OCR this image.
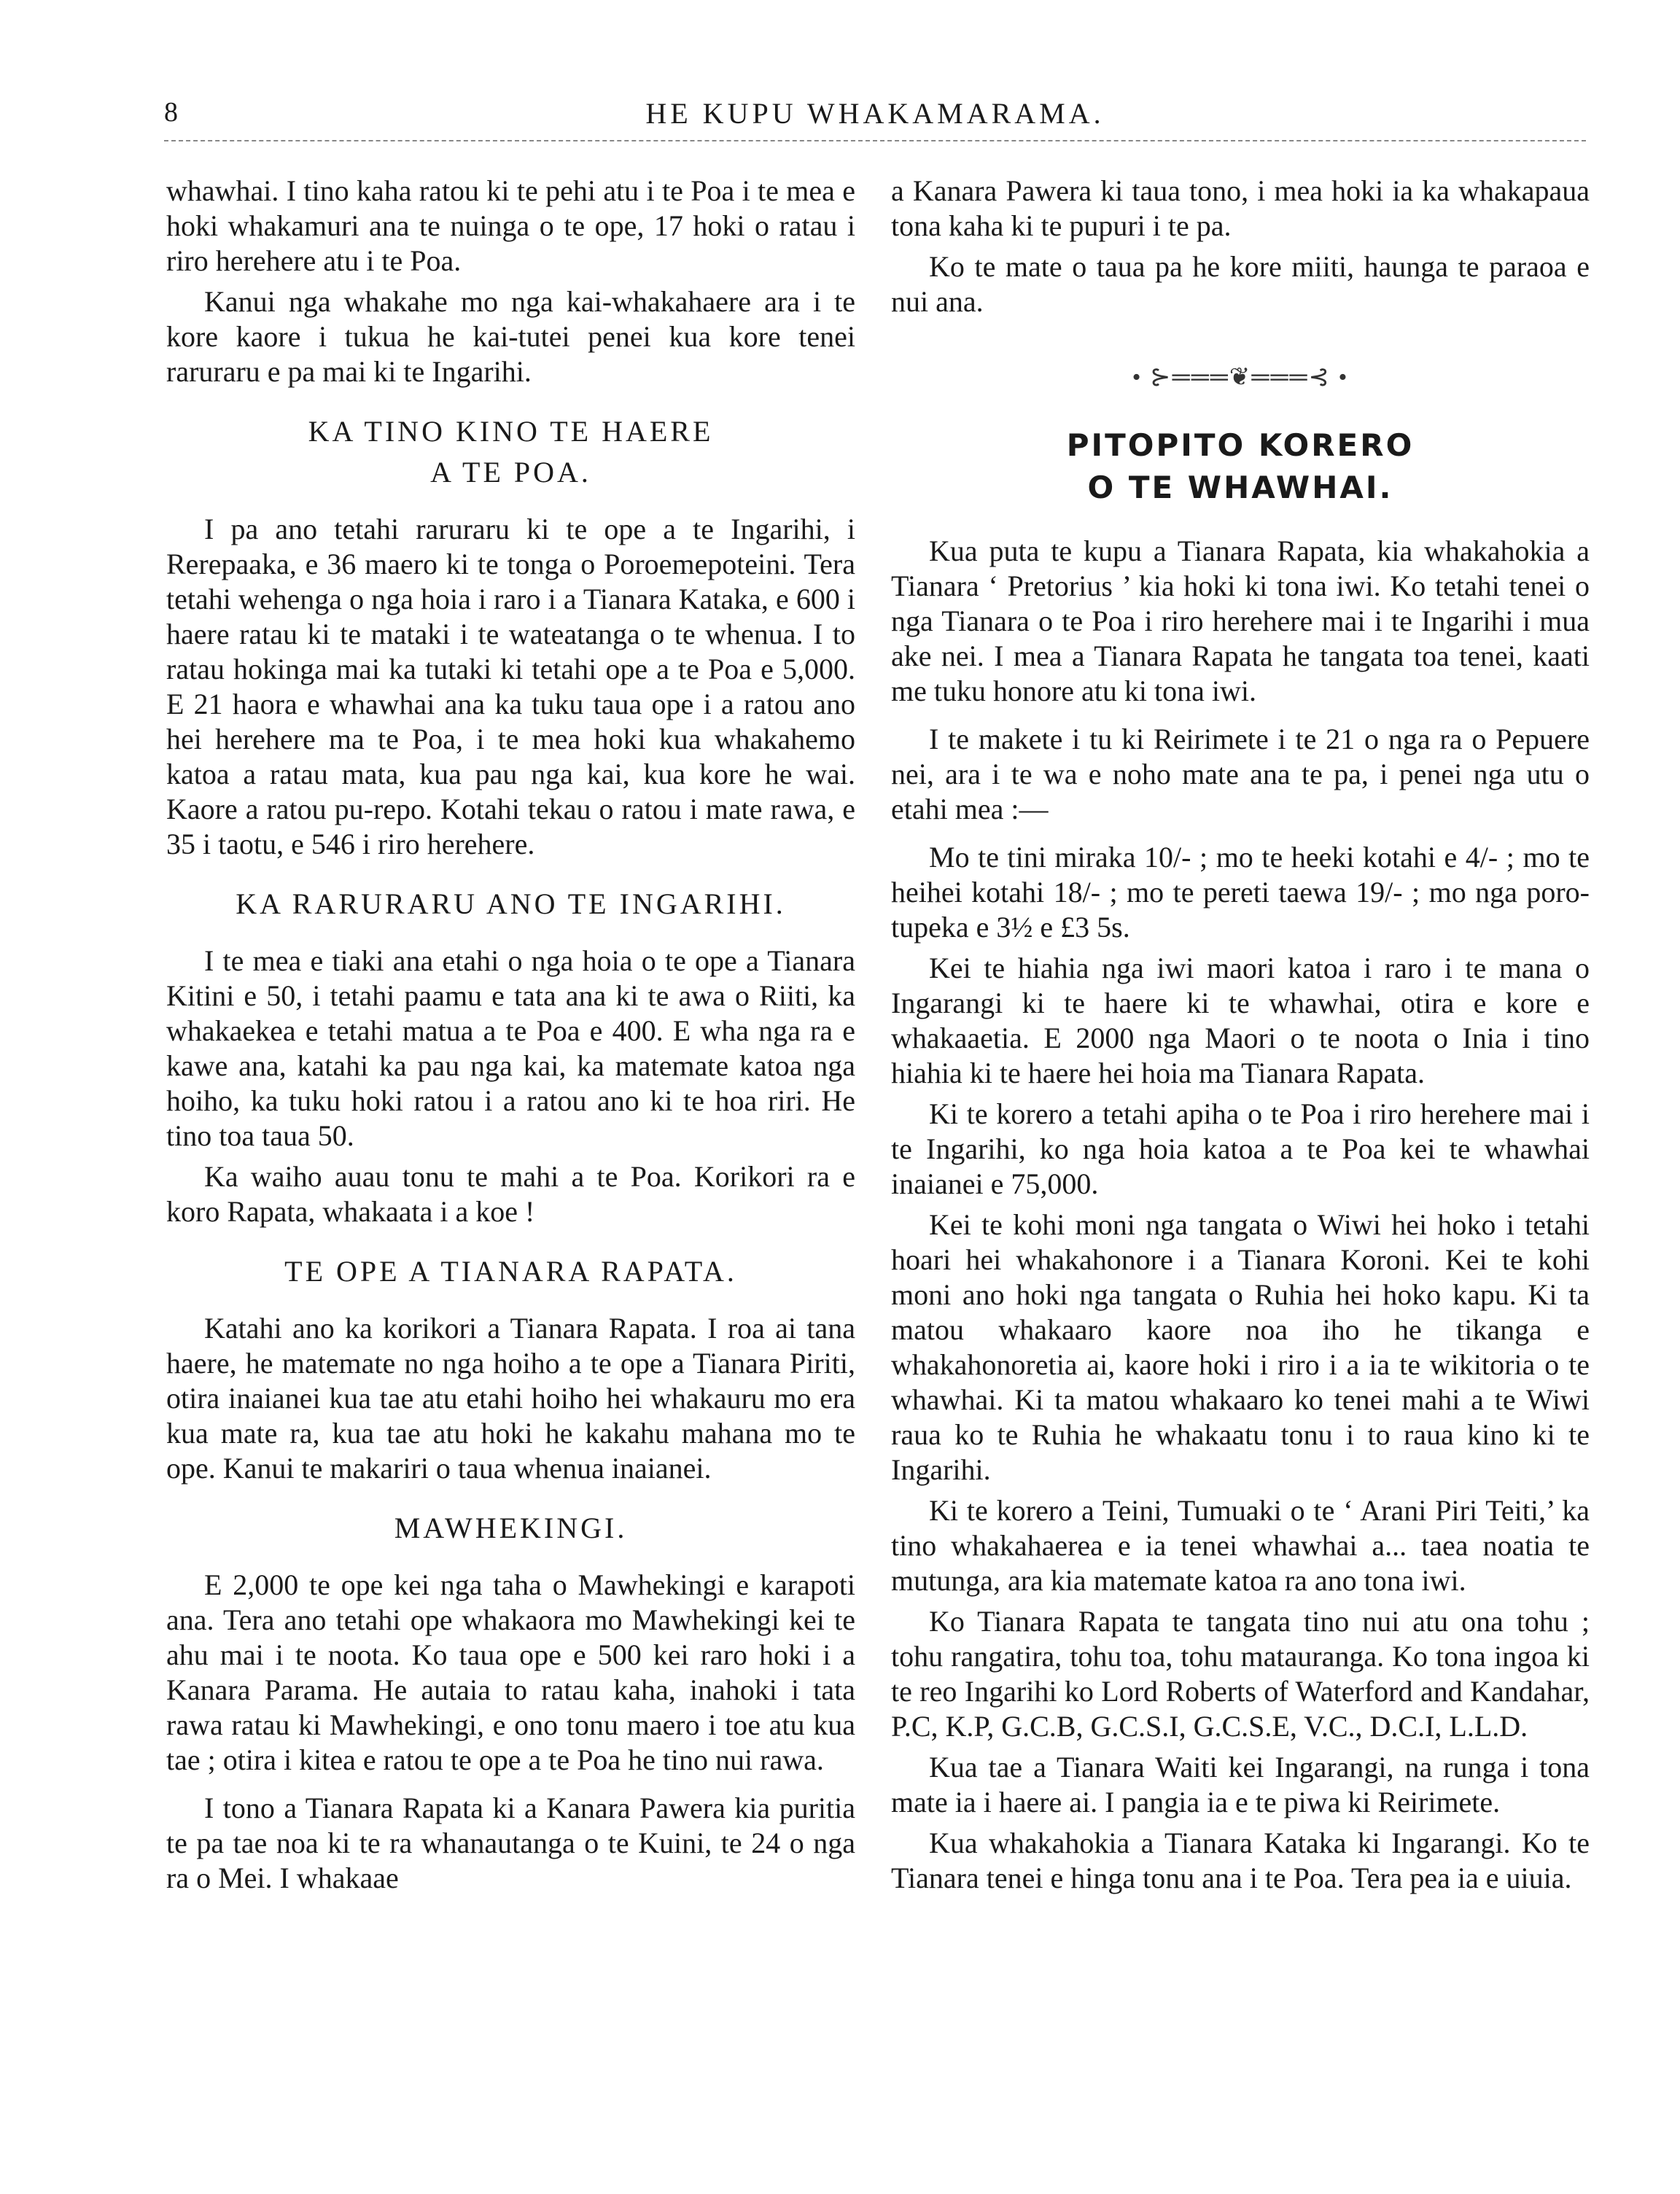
8	HE KUPU WHAKAMARAMA.

whawhai. I tino kaha ratou ki te pehi atu i te Poa i te mea e hoki whakamuri ana te nuinga o te ope, 17 hoki o ratau i riro herehere atu i te Poa.

Kanui nga whakahe mo nga kai-whakahaere ara i te kore kaore i tukua he kai-tutei penei kua kore tenei raruraru e pa mai ki te Ingarihi.

KA TINO KINO TE HAERE
A TE POA.

I pa ano tetahi raruraru ki te ope a te Ingarihi, i Rerepaaka, e 36 maero ki te tonga o Poroemepoteini. Tera tetahi wehenga o nga hoia i raro i a Tianara Kataka, e 600 i haere ratau ki te mataki i te wateatanga o te whenua. I to ratau hokinga mai ka tutaki ki tetahi ope a te Poa e 5,000. E 21 haora e whawhai ana ka tuku taua ope i a ratou ano hei herehere ma te Poa, i te mea hoki kua whakahemo katoa a ratau mata, kua pau nga kai, kua kore he wai. Kaore a ratou pu-repo. Kotahi tekau o ratou i mate rawa, e 35 i taotu, e 546 i riro herehere.

KA RARURARU ANO TE INGARIHI.

I te mea e tiaki ana etahi o nga hoia o te ope a Tianara Kitini e 50, i tetahi paamu e tata ana ki te awa o Riiti, ka whakaekea e tetahi matua a te Poa e 400. E wha nga ra e kawe ana, katahi ka pau nga kai, ka matemate katoa nga hoiho, ka tuku hoki ratou i a ratou ano ki te hoa riri. He tino toa taua 50.

Ka waiho auau tonu te mahi a te Poa. Korikori ra e koro Rapata, whakaata i a koe !

TE OPE A TIANARA RAPATA.

Katahi ano ka korikori a Tianara Rapata. I roa ai tana haere, he matemate no nga hoiho a te ope a Tianara Piriti, otira inaianei kua tae atu etahi hoiho hei whakauru mo era kua mate ra, kua tae atu hoki he kakahu mahana mo te ope. Kanui te makariri o taua whenua inaianei.

MAWHEKINGI.

E 2,000 te ope kei nga taha o Mawhekingi e karapoti ana. Tera ano tetahi ope whakaora mo Mawhekingi kei te ahu mai i te noota. Ko taua ope e 500 kei raro hoki i a Kanara Parama. He autaia to ratau kaha, inahoki i tata rawa ratau ki Mawhekingi, e ono tonu maero i toe atu kua tae ; otira i kitea e ratou te ope a te Poa he tino nui rawa.

I tono a Tianara Rapata ki a Kanara Pawera kia puritia te pa tae noa ki te ra whanautanga o te Kuini, te 24 o nga ra o Mei. I whakaae

a Kanara Pawera ki taua tono, i mea hoki ia ka whakapaua tona kaha ki te pupuri i te pa.

Ko te mate o taua pa he kore miiti, haunga te paraoa e nui ana.

• ⊱═══❦═══⊰ •
PITOPITO KORERO
O TE WHAWHAI.

Kua puta te kupu a Tianara Rapata, kia whakahokia a Tianara ‘ Pretorius ’ kia hoki ki tona iwi. Ko tetahi tenei o nga Tianara o te Poa i riro herehere mai i te Ingarihi i mua ake nei. I mea a Tianara Rapata he tangata toa tenei, kaati me tuku honore atu ki tona iwi.

I te makete i tu ki Reirimete i te 21 o nga ra o Pepuere nei, ara i te wa e noho mate ana te pa, i penei nga utu o etahi mea :—

Mo te tini miraka 10/- ; mo te heeki kotahi e 4/- ; mo te heihei kotahi 18/- ; mo te pereti taewa 19/- ; mo nga poro-tupeka e 3½ e £3 5s.

Kei te hiahia nga iwi maori katoa i raro i te mana o Ingarangi ki te haere ki te whawhai, otira e kore e whakaaetia. E 2000 nga Maori o te noota o Inia i tino hiahia ki te haere hei hoia ma Tianara Rapata.

Ki te korero a tetahi apiha o te Poa i riro herehere mai i te Ingarihi, ko nga hoia katoa a te Poa kei te whawhai inaianei e 75,000.

Kei te kohi moni nga tangata o Wiwi hei hoko i tetahi hoari hei whakahonore i a Tianara Koroni. Kei te kohi moni ano hoki nga tangata o Ruhia hei hoko kapu. Ki ta matou whakaaro kaore noa iho he tikanga e whakahonoretia ai, kaore hoki i riro i a ia te wikitoria o te whawhai. Ki ta matou whakaaro ko tenei mahi a te Wiwi raua ko te Ruhia he whakaatu tonu i to raua kino ki te Ingarihi.

Ki te korero a Teini, Tumuaki o te ‘ Arani Piri Teiti,’ ka tino whakahaerea e ia tenei whawhai a... taea noatia te mutunga, ara kia matemate katoa ra ano tona iwi.

Ko Tianara Rapata te tangata tino nui atu ona tohu ; tohu rangatira, tohu toa, tohu matauranga. Ko tona ingoa ki te reo Ingarihi ko Lord Roberts of Waterford and Kandahar, P.C, K.P, G.C.B, G.C.S.I, G.C.S.E, V.C., D.C.I, L.L.D.

Kua tae a Tianara Waiti kei Ingarangi, na runga i tona mate ia i haere ai. I pangia ia e te piwa ki Reirimete.

Kua whakahokia a Tianara Kataka ki Ingarangi. Ko te Tianara tenei e hinga tonu ana i te Poa. Tera pea ia e uiuia.
